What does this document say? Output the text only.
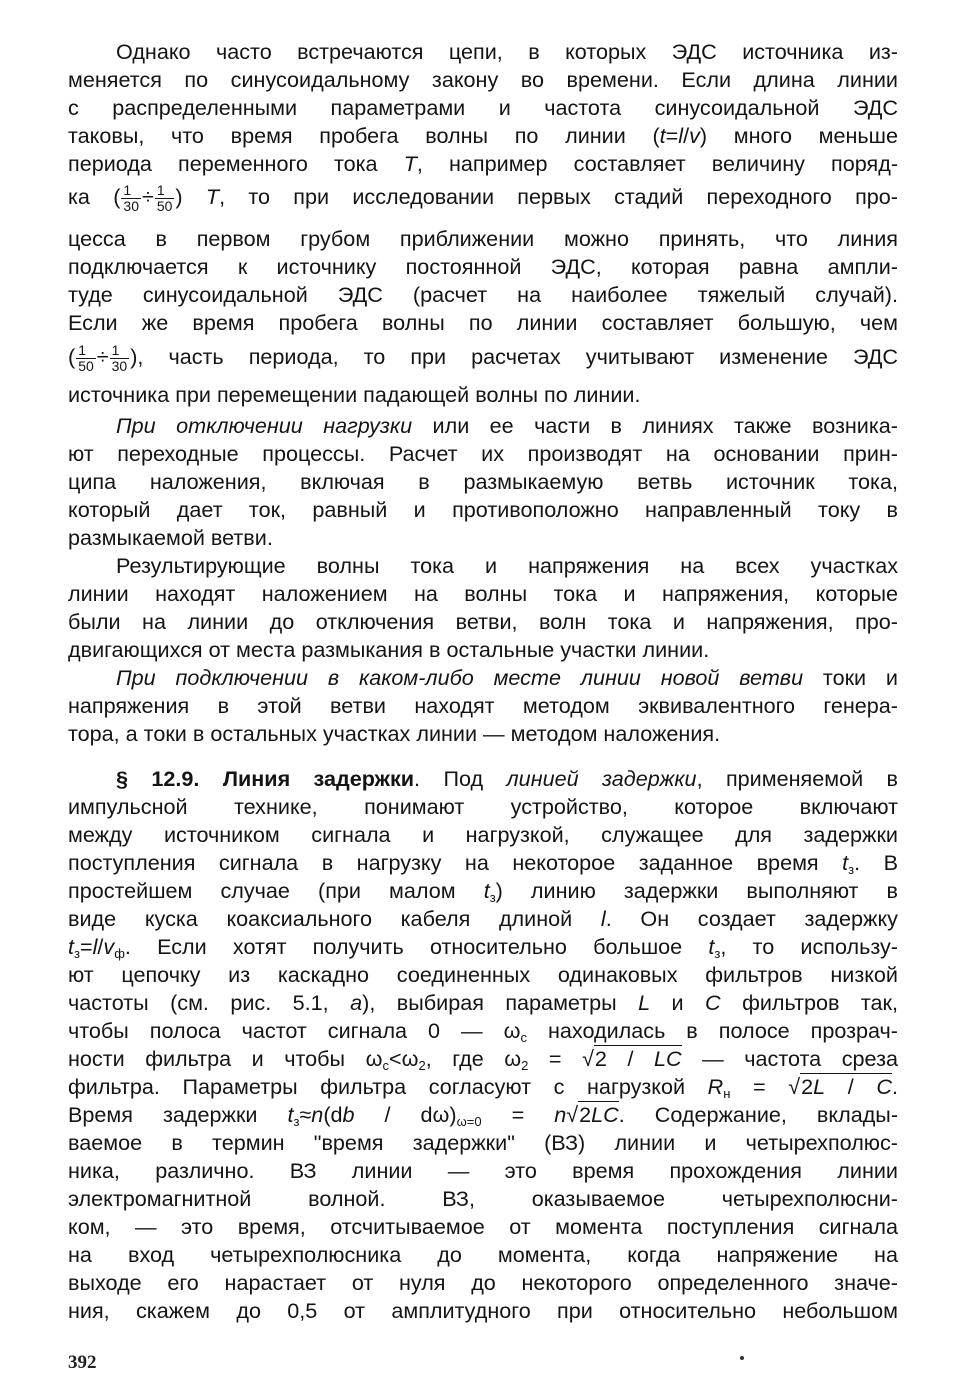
Однако часто встречаются цепи, в которых ЭДС источника из-
меняется по синусоидальному закону во времени. Если длина линии
с распределенными параметрами и частота синусоидальной ЭДС
таковы, что время пробега волны по линии (t=l/v) много меньше
периода переменного тока T, например составляет величину поряд-
ка ( $\frac{1}{30} \div \frac{1}{50}$ ) T, то при исследовании первых стадий переходного про-
цесса в первом грубом приближении можно принять, что линия
подключается к источнику постоянной ЭДС, которая равна ампли-
туде синусоидальной ЭДС (расчет на наиболее тяжелый случай).
Если же время пробега волны по линии составляет большую, чем
( $\frac{1}{50} \div \frac{1}{30}$ ), часть периода, то при расчетах учитывают изменение ЭДС
источника при перемещении падающей волны по линии.
При отключении нагрузки или ее части в линиях также возника-
ют переходные процессы. Расчет их производят на основании прин-
ципа наложения, включая в размыкаемую ветвь источник тока,
который дает ток, равный и противоположно направленный току в
размыкаемой ветви.
Результирующие волны тока и напряжения на всех участках
линии находят наложением на волны тока и напряжения, которые
были на линии до отключения ветви, волн тока и напряжения, про-
двигающихся от места размыкания в остальные участки линии.
При подключении в каком-либо месте линии новой ветви токи и
напряжения в этой ветви находят методом эквивалентного генера-
тора, а токи в остальных участках линии — методом наложения.
§ 12.9. Линия задержки. Под линией задержки, применяемой в
импульсной технике, понимают устройство, которое включают
между источником сигнала и нагрузкой, служащее для задержки
поступления сигнала в нагрузку на некоторое заданное время $t_з$. В
простейшем случае (при малом $t_з$) линию задержки выполняют в
виде куска коаксиального кабеля длиной l. Он создает задержку
$t_з=l/v_ф$. Если хотят получить относительно большое $t_з$, то использу-
ют цепочку из каскадно соединенных одинаковых фильтров низкой
частоты (см. рис. 5.1, а), выбирая параметры L и C фильтров так,
чтобы полоса частот сигнала 0 — $\omega_с$ находилась в полосе прозрач-
ности фильтра и чтобы $\omega_с<\omega_2$, где $\omega_2 = √2$ / LC — частота среза
фильтра. Параметры фильтра согласуют с нагрузкой $R_н = √2L / C$.
Время задержки $t_з\approx n(db / d\omega)_{\omega=0} = n√2LC$. Содержание, вклады-
ваемое в термин "время задержки" (ВЗ) линии и четырехполюс-
ника, различно. ВЗ линии — это время прохождения линии
электромагнитной волной. ВЗ, оказываемое четырехполюсни-
ком, — это время, отсчитываемое от момента поступления сигнала
на вход четырехполюсника до момента, когда напряжение на
выходе его нарастает от нуля до некоторого определенного значе-
ния, скажем до 0,5 от амплитудного при относительно небольшом
392
